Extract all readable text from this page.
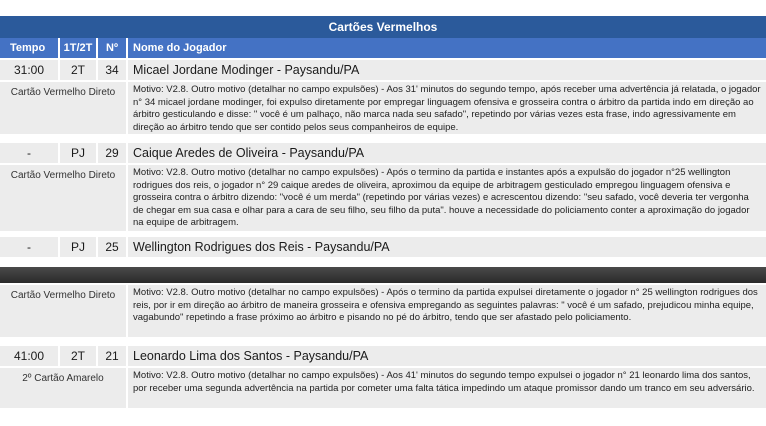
Cartões Vermelhos
Tempo	1T/2T	Nº	Nome do Jogador
31:00	2T	34	Micael Jordane Modinger - Paysandu/PA
Cartão Vermelho Direto	Motivo: V2.8. Outro motivo (detalhar no campo expulsões) - Aos 31' minutos do segundo tempo, após receber uma advertência já relatada, o jogador n° 34 micael jordane modinger, foi expulso diretamente por empregar linguagem ofensiva e grosseira contra o árbitro da partida indo em direção ao árbitro gesticulando e disse: " você é um palhaço, não marca nada seu safado", repetindo por várias vezes esta frase, indo agressivamente em direção ao árbitro tendo que ser contido pelos seus companheiros de equipe.
-	PJ	29	Caique Aredes de Oliveira - Paysandu/PA
Cartão Vermelho Direto	Motivo: V2.8. Outro motivo (detalhar no campo expulsões) - Após o termino da partida e instantes após a expulsão do jogador n°25 wellington rodrigues dos reis, o jogador n° 29 caique aredes de oliveira, aproximou da equipe de arbitragem gesticulado empregou linguagem ofensiva e grosseira contra o árbitro dizendo: "você é um merda" (repetindo por várias vezes) e acrescentou dizendo: "seu safado, você deveria ter vergonha de chegar em sua casa e olhar para a cara de seu filho, seu filho da puta". houve a necessidade do policiamento conter a aproximação do jogador na equipe de arbitragem.
-	PJ	25	Wellington Rodrigues dos Reis - Paysandu/PA
Cartão Vermelho Direto	Motivo: V2.8. Outro motivo (detalhar no campo expulsões) - Após o termino da partida expulsei diretamente o jogador n° 25 wellington rodrigues dos reis, por ir em direção ao árbitro de maneira grosseira e ofensiva empregando as seguintes palavras: " você é um safado, prejudicou minha equipe, vagabundo" repetindo a frase próximo ao árbitro e pisando no pé do árbitro, tendo que ser afastado pelo policiamento.
41:00	2T	21	Leonardo Lima dos Santos - Paysandu/PA
2º Cartão Amarelo	Motivo: V2.8. Outro motivo (detalhar no campo expulsões) - Aos 41' minutos do segundo tempo expulsei o jogador n° 21 leonardo lima dos santos, por receber uma segunda advertência na partida por cometer uma falta tática impedindo um ataque promissor dando um tranco em seu adversário.
